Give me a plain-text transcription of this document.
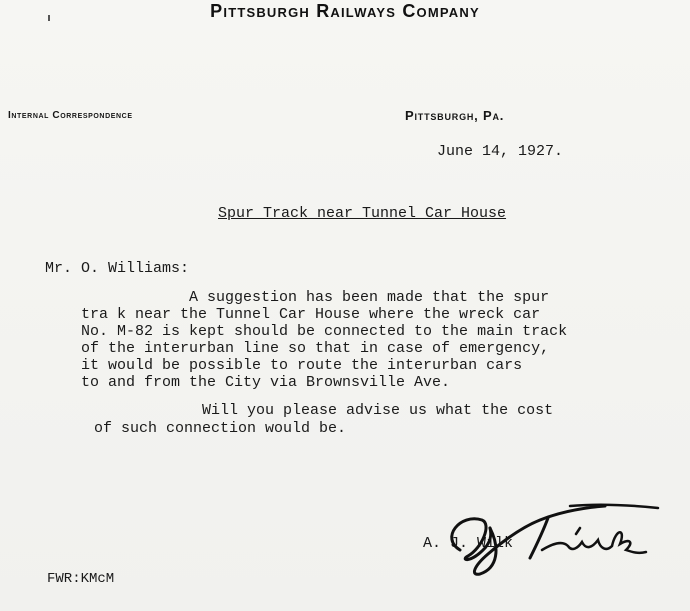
Pittsburgh Railways Company
Internal Correspondence	Pittsburgh, Pa.
June 14, 1927.
Spur Track near Tunnel Car House
Mr. O. Williams:
A suggestion has been made that the spur
tra k near the Tunnel Car House where the wreck car
No. M-82 is kept should be connected to the main track
of the interurban line so that in case of emergency,
it would be possible to route the interurban cars
to and from the City via Brownsville Ave.
Will you please advise us what the cost
of such connection would be.
A. J. Wilk
FWR:KMcM
